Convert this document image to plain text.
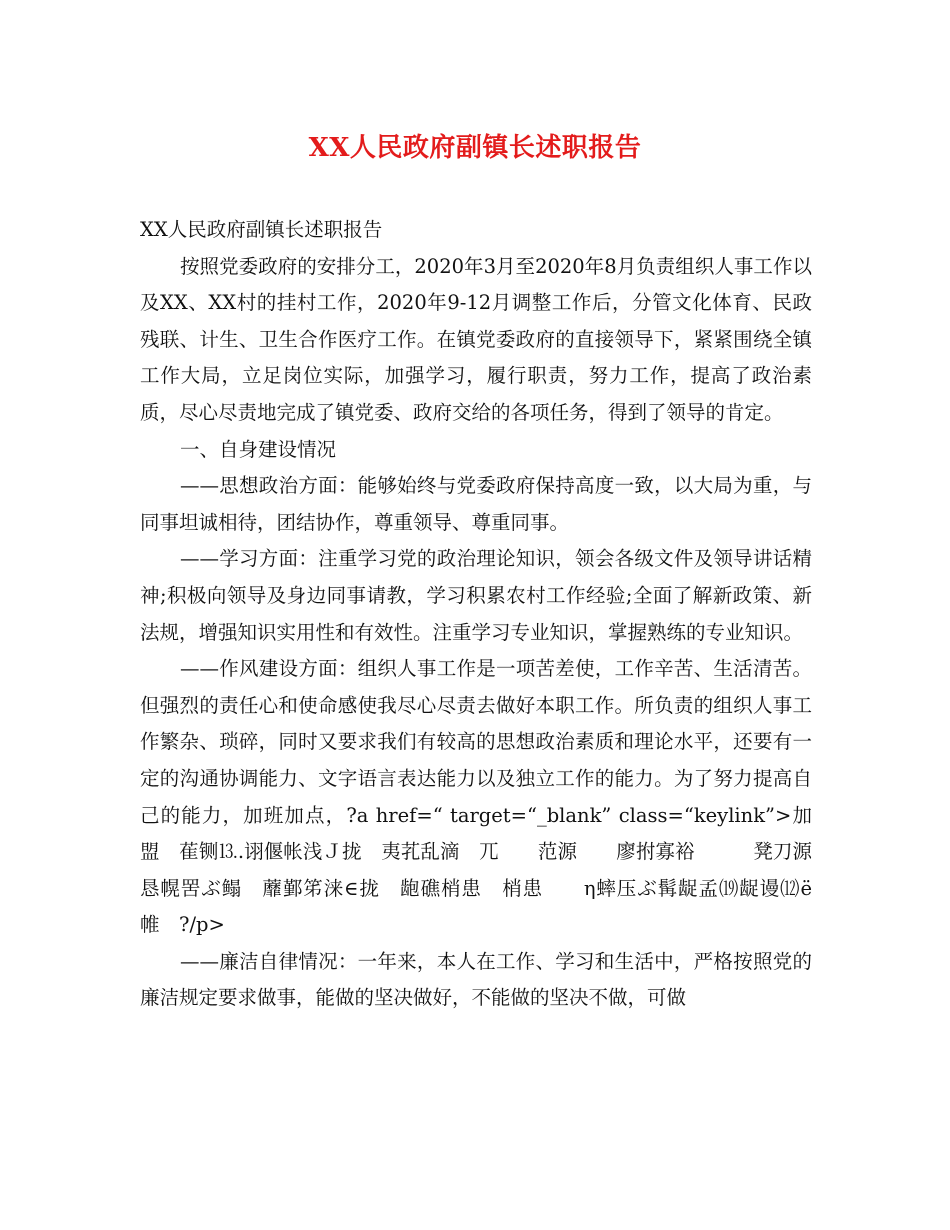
XX人民政府副镇长述职报告

XX人民政府副镇长述职报告

按照党委政府的安排分工，2020年3月至2020年8月负责组织人事工作以及XX、XX村的挂村工作，2020年9-12月调整工作后，分管文化体育、民政残联、计生、卫生合作医疗工作。在镇党委政府的直接领导下，紧紧围绕全镇工作大局，立足岗位实际，加强学习，履行职责，努力工作，提高了政治素质，尽心尽责地完成了镇党委、政府交给的各项任务，得到了领导的肯定。

一、自身建设情况

——思想政治方面：能够始终与党委政府保持高度一致，以大局为重，与同事坦诚相待，团结协作，尊重领导、尊重同事。

——学习方面：注重学习党的政治理论知识，领会各级文件及领导讲话精神;积极向领导及身边同事请教，学习积累农村工作经验;全面了解新政策、新法规，增强知识实用性和有效性。注重学习专业知识，掌握熟练的专业知识。

——作风建设方面：组织人事工作是一项苦差使，工作辛苦、生活清苦。但强烈的责任心和使命感使我尽心尽责去做好本职工作。所负责的组织人事工作繁杂、琐碎，同时又要求我们有较高的思想政治素质和理论水平，还要有一定的沟通协调能力、文字语言表达能力以及独立工作的能力。为了努力提高自己的能力，加班加点，?a href=“ target=“_blank” class=“keylink”>加盟　萑铡⒔.诩偃帐浅Ｊ拢　夷芤乱滴　兀　　范源　　廖拊寡裕　　　凳刀源　恳幌罟ぶ鳎　蘼鄞笫涞∈拢　龅礁梢患　梢患　　η蟀压ぶ髯龊孟⒆龊谩⑿ё帷　?/p>

——廉洁自律情况：一年来，本人在工作、学习和生活中，严格按照党的廉洁规定要求做事，能做的坚决做好，不能做的坚决不做，可做
